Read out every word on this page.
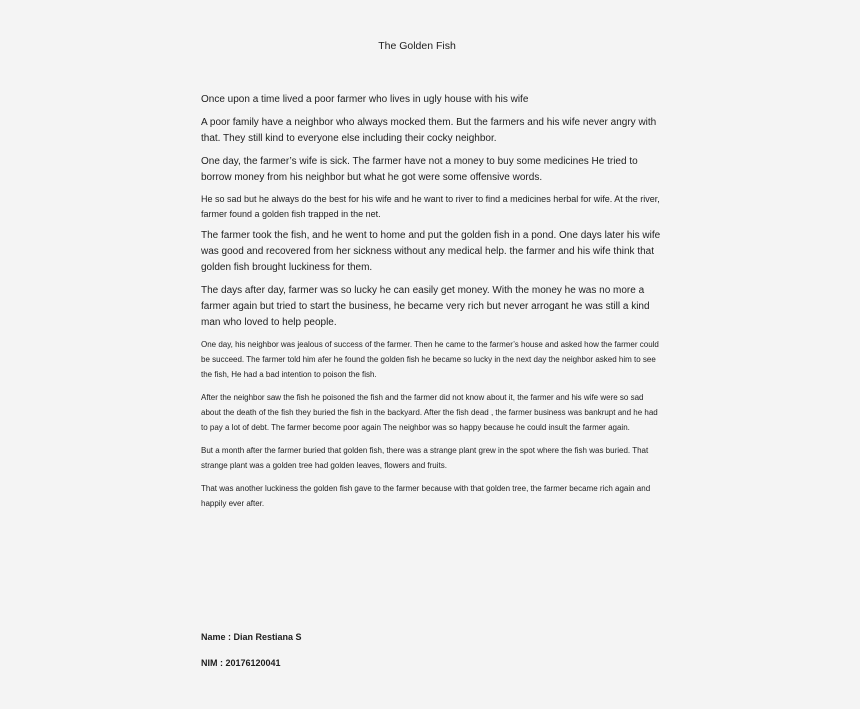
The Golden Fish

Once upon a time lived a poor farmer who lives in ugly house with his wife

A poor family have a neighbor who always mocked them. But the farmers and his wife never angry with that. They still kind to everyone else including their cocky neighbor.

One day, the farmer’s wife is sick. The farmer have not a money to buy some medicines He tried to borrow money from his neighbor but what he got were some offensive words.

He so sad but he always do the best for his wife and he want to river to find a medicines herbal for wife. At the river, farmer found a golden fish trapped in the net.

The farmer took the fish, and he went to home and put the golden fish in a pond. One days later his wife was good and recovered from her sickness without any medical help. the farmer and his wife think that golden fish brought luckiness for them.

The days after day, farmer was so lucky he can easily get money. With the money he was no more a farmer again but tried to start the business, he became very rich but never arrogant he was still a kind man who loved to help people.

One day, his neighbor was jealous of success of the farmer. Then he came to the farmer’s house and asked how the farmer could be succeed. The farmer told him afer he found the golden fish he became so lucky in the next day the neighbor asked him to see the fish, He had a bad intention to poison the fish.

After the neighbor saw the fish he poisoned the fish and the farmer did not know about it, the farmer and his wife were so sad about the death of the fish they buried the fish in the backyard. After the fish dead , the farmer business was bankrupt and he had to pay a lot of debt. The farmer become poor again The neighbor was so happy because he could insult the farmer again.

But a month after the farmer buried that golden fish, there was a strange plant grew in the spot where the fish was buried. That strange plant was a golden tree had golden leaves, flowers and fruits.

That was another luckiness the golden fish gave to the farmer because with that golden tree, the farmer became rich again and happily ever after.

Name : Dian Restiana S
NIM : 20176120041
